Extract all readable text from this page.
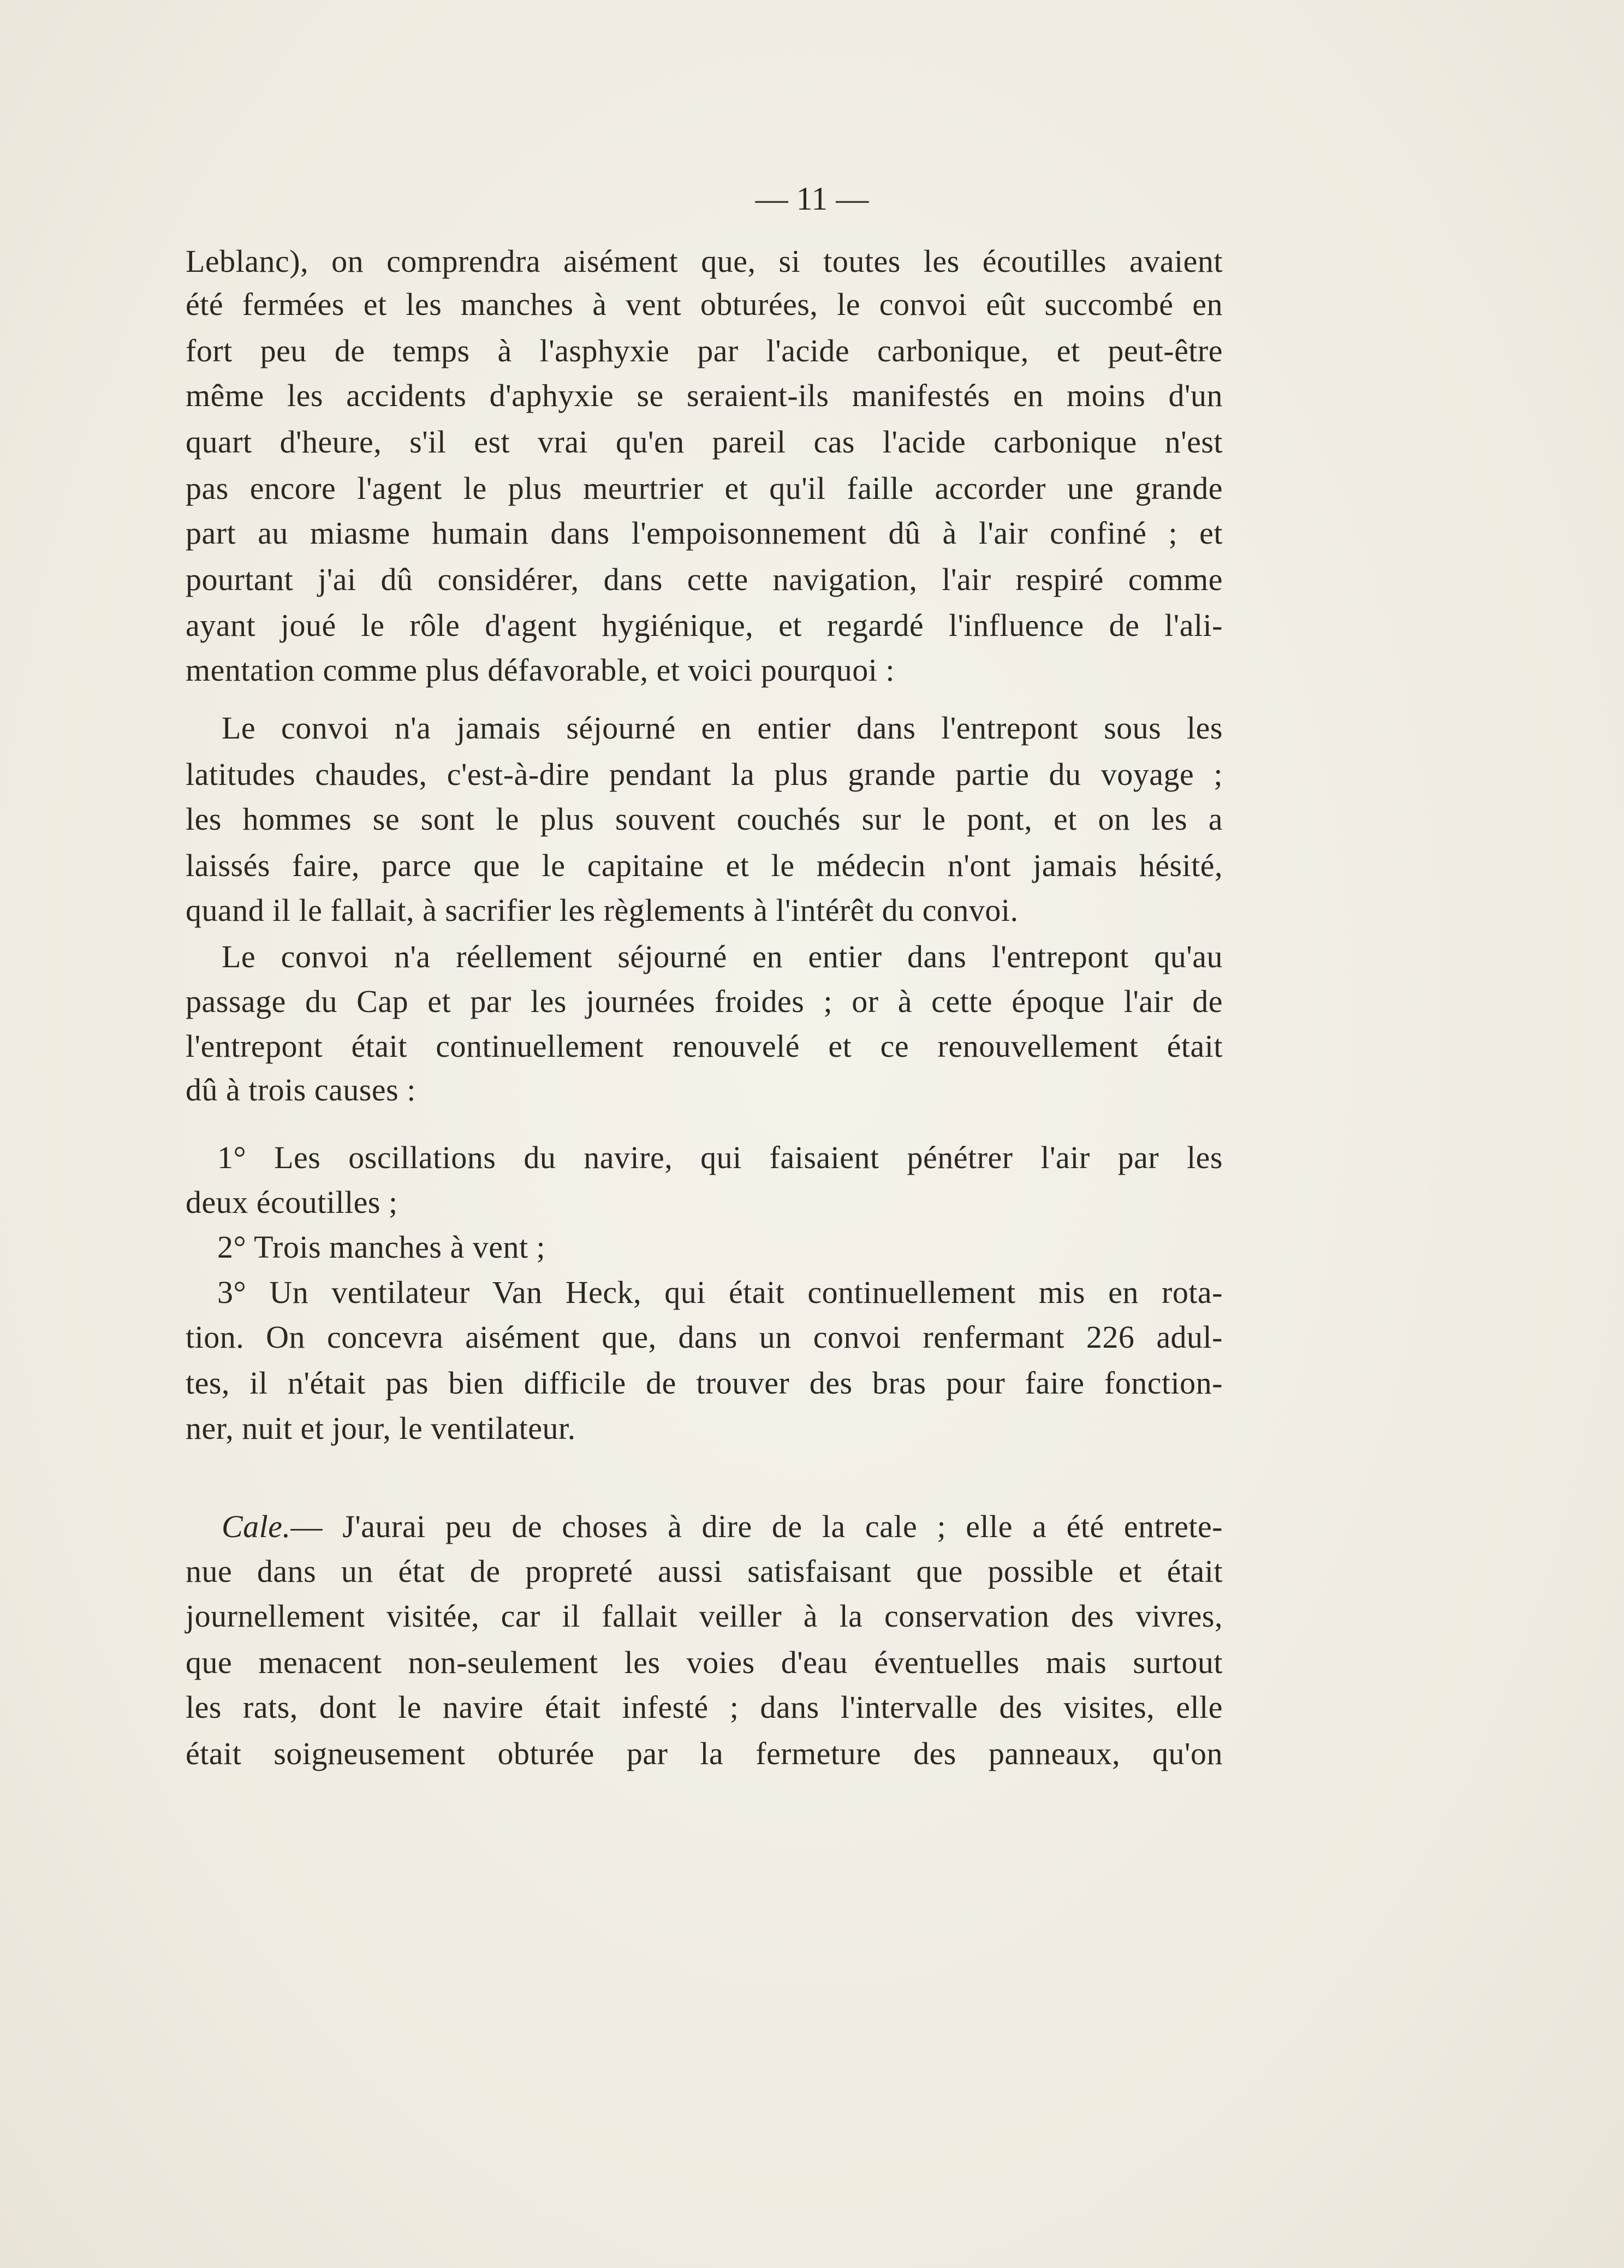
— 11 —
Leblanc), on comprendra aisément que, si toutes les écoutilles avaient
été fermées et les manches à vent obturées, le convoi eût succombé en
fort peu de temps à l'asphyxie par l'acide carbonique, et peut-être
même les accidents d'aphyxie se seraient-ils manifestés en moins d'un
quart d'heure, s'il est vrai qu'en pareil cas l'acide carbonique n'est
pas encore l'agent le plus meurtrier et qu'il faille accorder une grande
part au miasme humain dans l'empoisonnement dû à l'air confiné ; et
pourtant j'ai dû considérer, dans cette navigation, l'air respiré comme
ayant joué le rôle d'agent hygiénique, et regardé l'influence de l'ali-
mentation comme plus défavorable, et voici pourquoi :
Le convoi n'a jamais séjourné en entier dans l'entrepont sous les
latitudes chaudes, c'est-à-dire pendant la plus grande partie du voyage ;
les hommes se sont le plus souvent couchés sur le pont, et on les a
laissés faire, parce que le capitaine et le médecin n'ont jamais hésité,
quand il le fallait, à sacrifier les règlements à l'intérêt du convoi.
Le convoi n'a réellement séjourné en entier dans l'entrepont qu'au
passage du Cap et par les journées froides ; or à cette époque l'air de
l'entrepont était continuellement renouvelé et ce renouvellement était
dû à trois causes :
1° Les oscillations du navire, qui faisaient pénétrer l'air par les
deux écoutilles ;
2° Trois manches à vent ;
3° Un ventilateur Van Heck, qui était continuellement mis en rota-
tion. On concevra aisément que, dans un convoi renfermant 226 adul-
tes, il n'était pas bien difficile de trouver des bras pour faire fonction-
ner, nuit et jour, le ventilateur.
Cale.— J'aurai peu de choses à dire de la cale ; elle a été entrete-
nue dans un état de propreté aussi satisfaisant que possible et était
journellement visitée, car il fallait veiller à la conservation des vivres,
que menacent non-seulement les voies d'eau éventuelles mais surtout
les rats, dont le navire était infesté ; dans l'intervalle des visites, elle
était soigneusement obturée par la fermeture des panneaux, qu'on
